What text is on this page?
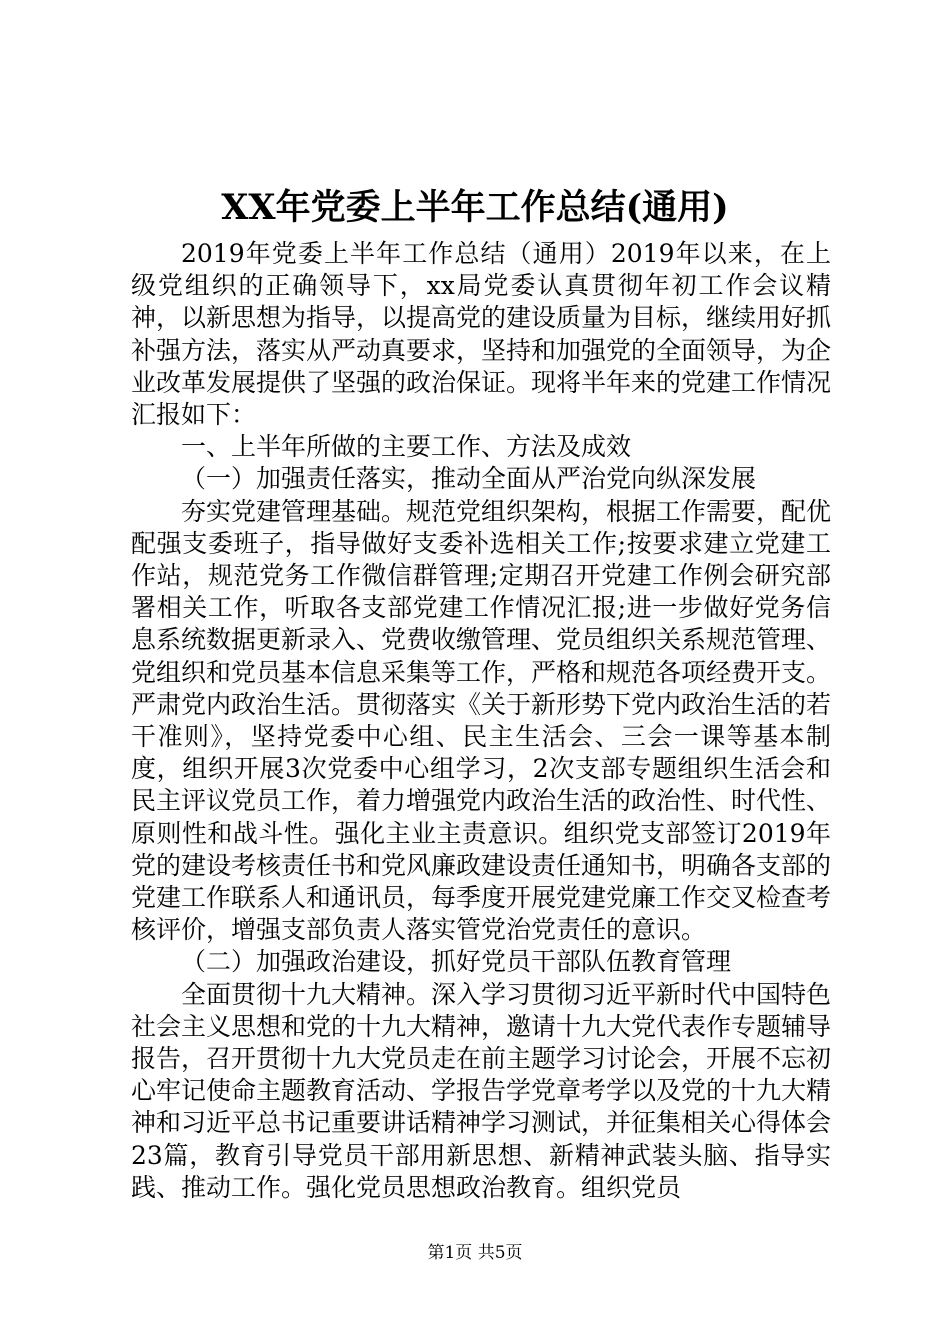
XX年党委上半年工作总结(通用)

2019年党委上半年工作总结（通用）2019年以来，在上级党组织的正确领导下，xx局党委认真贯彻年初工作会议精神，以新思想为指导，以提高党的建设质量为目标，继续用好抓补强方法，落实从严动真要求，坚持和加强党的全面领导，为企业改革发展提供了坚强的政治保证。现将半年来的党建工作情况汇报如下：

一、上半年所做的主要工作、方法及成效

（一）加强责任落实，推动全面从严治党向纵深发展

夯实党建管理基础。规范党组织架构，根据工作需要，配优配强支委班子，指导做好支委补选相关工作;按要求建立党建工作站，规范党务工作微信群管理;定期召开党建工作例会研究部署相关工作，听取各支部党建工作情况汇报;进一步做好党务信息系统数据更新录入、党费收缴管理、党员组织关系规范管理、党组织和党员基本信息采集等工作，严格和规范各项经费开支。严肃党内政治生活。贯彻落实《关于新形势下党内政治生活的若干准则》，坚持党委中心组、民主生活会、三会一课等基本制度，组织开展3次党委中心组学习，2次支部专题组织生活会和民主评议党员工作，着力增强党内政治生活的政治性、时代性、原则性和战斗性。强化主业主责意识。组织党支部签订2019年党的建设考核责任书和党风廉政建设责任通知书，明确各支部的党建工作联系人和通讯员，每季度开展党建党廉工作交叉检查考核评价，增强支部负责人落实管党治党责任的意识。

（二）加强政治建设，抓好党员干部队伍教育管理

全面贯彻十九大精神。深入学习贯彻习近平新时代中国特色社会主义思想和党的十九大精神，邀请十九大党代表作专题辅导报告，召开贯彻十九大党员走在前主题学习讨论会，开展不忘初心牢记使命主题教育活动、学报告学党章考学以及党的十九大精神和习近平总书记重要讲话精神学习测试，并征集相关心得体会23篇，教育引导党员干部用新思想、新精神武装头脑、指导实践、推动工作。强化党员思想政治教育。组织党员

第1页 共5页
